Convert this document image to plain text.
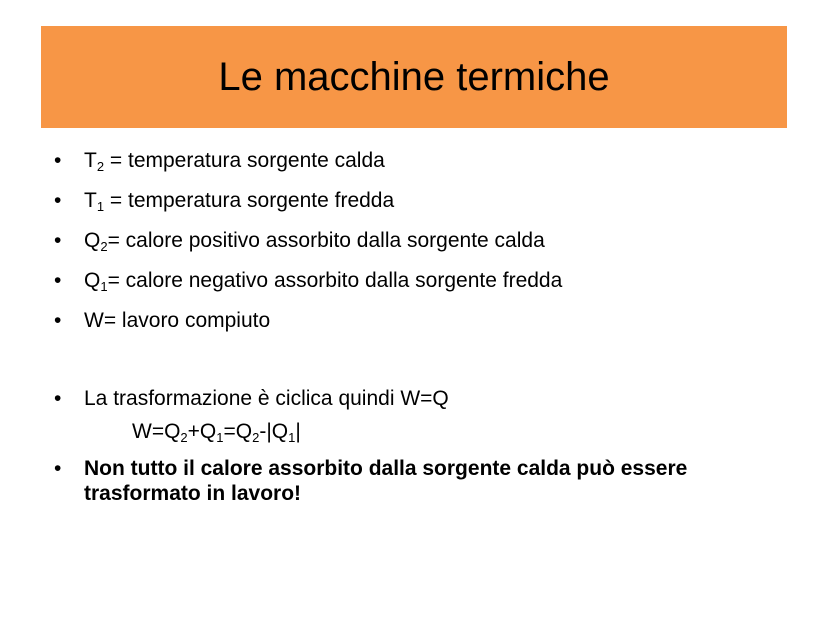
Le macchine termiche
• $T_2$ = temperatura sorgente calda
• $T_1$ = temperatura sorgente fredda
• $Q_2=$ calore positivo assorbito dalla sorgente calda
• $Q_1=$ calore negativo assorbito dalla sorgente fredda
• W= lavoro compiuto
• La trasformazione è ciclica quindi W=Q
$W=Q_2+Q_1=Q_2-|Q_1|$
• Non tutto il calore assorbito dalla sorgente calda può essere trasformato in lavoro!
